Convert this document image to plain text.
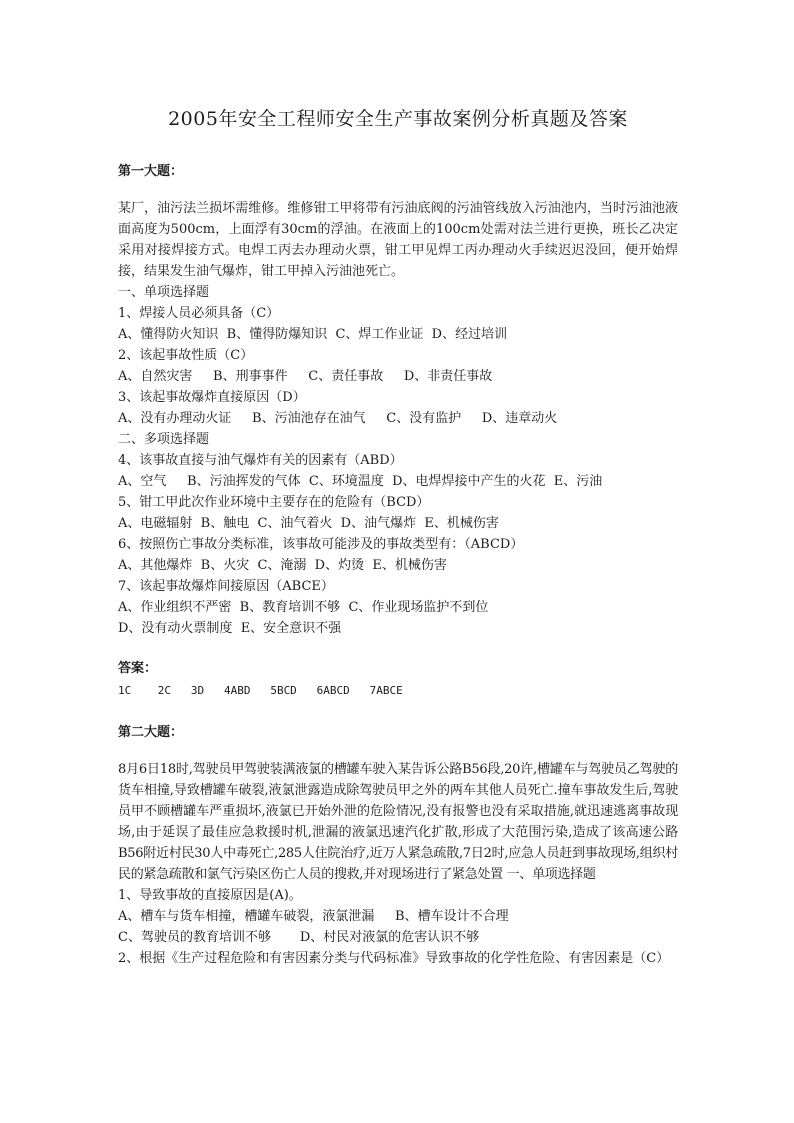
2005年安全工程师安全生产事故案例分析真题及答案
第一大题：

某厂，油污法兰损坏需维修。维修钳工甲将带有污油底阀的污油管线放入污油池内，当时污油池液面高度为500cm，上面浮有30cm的浮油。在液面上的100cm处需对法兰进行更换，班长乙决定采用对接焊接方式。电焊工丙去办理动火票，钳工甲见焊工丙办理动火手续迟迟没回，便开始焊接，结果发生油气爆炸，钳工甲掉入污油池死亡。

一、单项选择题
1、焊接人员必须具备（C）
A、懂得防火知识  B、懂得防爆知识  C、焊工作业证  D、经过培训
2、该起事故性质（C）
A、自然灾害     B、刑事事件     C、责任事故     D、非责任事故
3、该起事故爆炸直接原因（D）
A、没有办理动火证     B、污油池存在油气     C、没有监护     D、违章动火
二、多项选择题
4、该事故直接与油气爆炸有关的因素有（ABD）
A、空气     B、污油挥发的气体  C、环境温度  D、电焊焊接中产生的火花  E、污油
5、钳工甲此次作业环境中主要存在的危险有（BCD）
A、电磁辐射  B、触电  C、油气着火  D、油气爆炸  E、机械伤害
6、按照伤亡事故分类标准，该事故可能涉及的事故类型有：（ABCD）
A、其他爆炸  B、火灾  C、淹溺  D、灼烫  E、机械伤害
7、该起事故爆炸间接原因（ABCE）
A、作业组织不严密  B、教育培训不够  C、作业现场监护不到位
D、没有动火票制度  E、安全意识不强
答案：
1C    2C   3D   4ABD   5BCD   6ABCD   7ABCE
第二大题：

8月6日18时,驾驶员甲驾驶装满液氯的槽罐车驶入某告诉公路B56段,20许,槽罐车与驾驶员乙驾驶的货车相撞,导致槽罐车破裂,液氯泄露造成除驾驶员甲之外的两车其他人员死亡.撞车事故发生后,驾驶员甲不顾槽罐车严重损坏,液氯已开始外泄的危险情况,没有报警也没有采取措施,就迅速逃离事故现场,由于延误了最佳应急救援时机,泄漏的液氯迅速汽化扩散,形成了大范围污染,造成了该高速公路B56附近村民30人中毒死亡,285人住院治疗,近万人紧急疏散,7日2时,应急人员赶到事故现场,组织村民的紧急疏散和氯气污染区伤亡人员的搜救,并对现场进行了紧急处置 一、单项选择题

1、导致事故的直接原因是(A)。
A、槽车与货车相撞，槽罐车破裂，液氯泄漏     B、槽车设计不合理
C、驾驶员的教育培训不够       D、村民对液氯的危害认识不够

2、根据《生产过程危险和有害因素分类与代码标准》导致事故的化学性危险、有害因素是（C）
